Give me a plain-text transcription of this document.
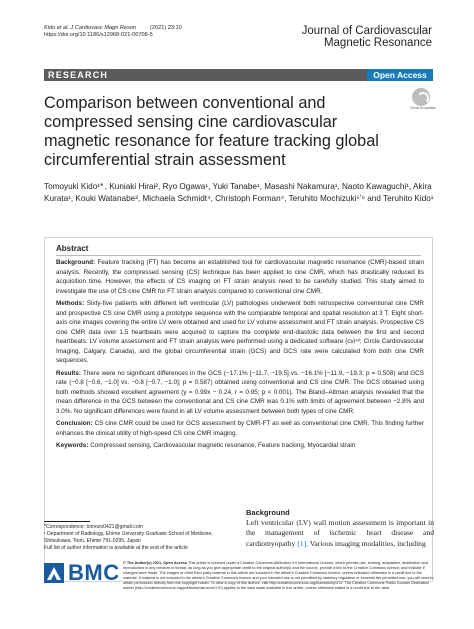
Kido et al. J Cardiovasc Magn Reson	(2021) 23:10
https://doi.org/10.1186/s12968-021-00708-5	Journal of Cardiovascular Magnetic Resonance
RESEARCH	Open Access
Comparison between conventional and compressed sensing cine cardiovascular magnetic resonance for feature tracking global circumferential strain assessment
Check for updates
Tomoyuki Kido¹* , Kuniaki Hirai², Ryo Ogawa¹, Yuki Tanabe¹, Masashi Nakamura¹, Naoto Kawaguchi¹, Akira Kurata¹, Kouki Watanabe³, Michaela Schmidt⁴, Christoph Forman⁴, Teruhito Mochizuki⁵ʼ⁶ and Teruhito Kido¹
Abstract

Background: Feature tracking (FT) has become an established tool for cardiovascular magnetic resonance (CMR)-based strain analysis. Recently, the compressed sensing (CS) technique has been applied to cine CMR, which has drastically reduced its acquisition time. However, the effects of CS imaging on FT strain analysis need to be carefully studied. This study aimed to investigate the use of CS cine CMR for FT strain analysis compared to conventional cine CMR.

Methods: Sixty-five patients with different left ventricular (LV) pathologies underwent both retrospective conventional cine CMR and prospective CS cine CMR using a prototype sequence with the comparable temporal and spatial resolution at 3 T. Eight short-axis cine images covering the entire LV were obtained and used for LV volume assessment and FT strain analysis. Prospective CS cine CMR data over 1.5 heartbeats were acquired to capture the complete end-diastolic data between the first and second heartbeats. LV volume assessment and FT strain analysis were performed using a dedicated software (cvi⁴²; Circle Cardiovascular Imaging, Calgary, Canada), and the global circumferential strain (GCS) and GCS rate were calculated from both cine CMR sequences.

Results: There were no significant differences in the GCS (−17.1% [−11.7, −19.5] vs. −16.1% [−11.9, −19.3; p = 0.508) and GCS rate (−0.8 [−0.6, −1.0] vs. −0.8 [−0.7, −1.0]; p = 0.587) obtained using conventional and CS cine CMR. The GCS obtained using both methods showed excellent agreement (y = 0.99x − 0.24, r = 0.95; p < 0.001). The Bland–Altman analysis revealed that the mean difference in the GCS between the conventional and CS cine CMR was 0.1% with limits of agreement between −2.8% and 3.0%. No significant differences were found in all LV volume assessment between both types of cine CMR.

Conclusion: CS cine CMR could be used for GCS assessment by CMR-FT as well as conventional cine CMR. This finding further enhances the clinical utility of high-speed CS cine CMR imaging.

Keywords: Compressed sensing, Cardiovascular magnetic resonance, Feature tracking, Myocardial strain

*Correspondence: tomozo0421@gmail.com
¹ Department of Radiology, Ehime University Graduate School of Medicine, Shitsukawa, Toon, Ehime 791-0295, Japan
Full list of author information is available at the end of the article
Background
Left ventricular (LV) wall motion assessment is important in the management of ischemic heart disease and cardiomyopathy [1]. Various imaging modalities, including
BMC © The Author(s) 2021. Open Access This article is licensed under a Creative Commons Attribution 4.0 International License, which permits use, sharing, adaptation, distribution and reproduction in any medium or format, as long as you give appropriate credit to the original author(s) and the source, provide a link to the Creative Commons licence, and indicate if changes were made. The images or other third party material in this article are included in the article's Creative Commons licence, unless indicated otherwise in a credit line to the material. If material is not included in the article's Creative Commons licence and your intended use is not permitted by statutory regulation or exceeds the permitted use, you will need to obtain permission directly from the copyright holder. To view a copy of this licence, visit http://creativecommons.org/licenses/by/4.0/. The Creative Commons Public Domain Dedication waiver (http://creativecommons.org/publicdomain/zero/1.0/) applies to the data made available in this article, unless otherwise stated in a credit line to the data.
